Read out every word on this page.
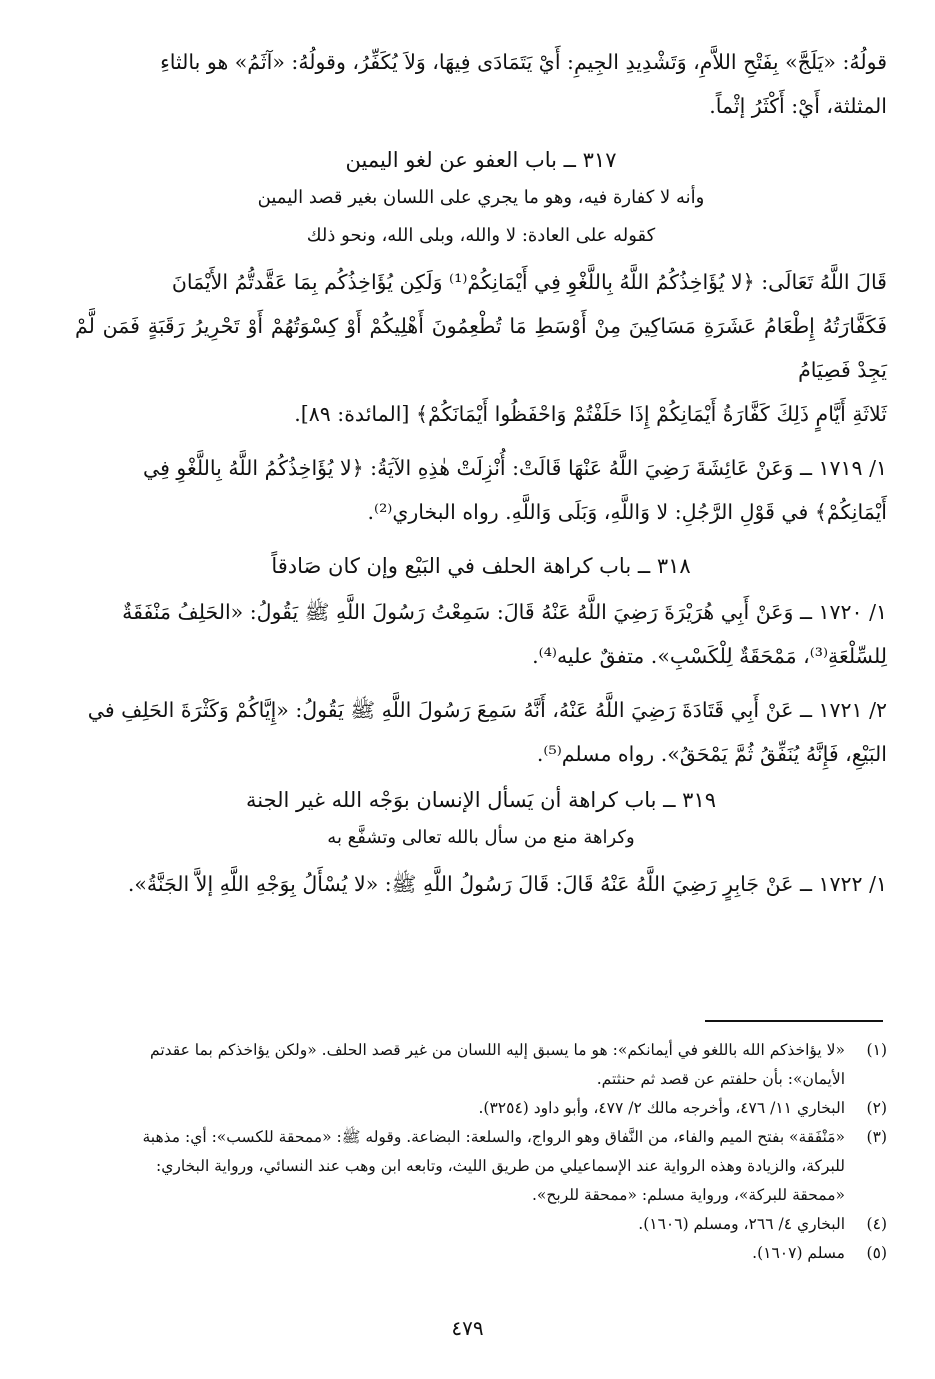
قولُهُ: «يَلَجَّ» بِفَتْحِ اللاَّمِ، وَتَشْدِيدِ الجِيمِ: أَيْ يَتَمَادَى فِيهَا، وَلاَ يُكَفِّرُ، وقولُهُ: «آثَمُ» هو بالثاءِ
المثلثة، أَيْ: أَكْثَرُ إثْماً.

٣١٧ ــ باب العفو عن لغو اليمين

وأنه لا كفارة فيه، وهو ما يجري على اللسان بغير قصد اليمين

كقوله على العادة: لا والله، وبلى الله، ونحو ذلك

قَالَ اللَّهُ تَعَالَى: ﴿لا يُؤَاخِذُكُمُ اللَّهُ بِاللَّغْوِ فِي أَيْمَانِكُمْ⁽¹⁾ وَلَكِن يُؤَاخِذُكُم بِمَا عَقَّدتُّمُ الأَيْمَانَ
فَكَفَّارَتُهُ إِطْعَامُ عَشَرَةِ مَسَاكِينَ مِنْ أَوْسَطِ مَا تُطْعِمُونَ أَهْلِيكُمْ أَوْ كِسْوَتُهُمْ أَوْ تَحْرِيرُ رَقَبَةٍ فَمَن لَّمْ يَجِدْ فَصِيَامُ
ثَلاثَةِ أَيَّامٍ ذَلِكَ كَفَّارَةُ أَيْمَانِكُمْ إِذَا حَلَفْتُمْ وَاحْفَظُوا أَيْمَانَكُمْ﴾ [المائدة: ٨٩].

١/ ١٧١٩ ــ وَعَنْ عَائِشَةَ رَضِيَ اللَّهُ عَنْهَا قَالَتْ: أُنْزِلَتْ هٰذِهِ الآيَةُ: ﴿لا يُؤَاخِذُكُمُ اللَّهُ بِاللَّغْوِ فِي
أَيْمَانِكُمْ﴾ في قَوْلِ الرَّجُلِ: لا وَاللَّهِ، وَبَلَى وَاللَّهِ. رواه البخاري⁽²⁾.

٣١٨ ــ باب كراهة الحلف في البَيْع وإن كان صَادقاً

١/ ١٧٢٠ ــ وَعَنْ أَبِي هُرَيْرَةَ رَضِيَ اللَّهُ عَنْهُ قَالَ: سَمِعْتُ رَسُولَ اللَّهِ ﷺ يَقُولُ: «الحَلِفُ مَنْفَقَةٌ
لِلسِّلْعَةِ⁽³⁾، مَمْحَقَةٌ لِلْكَسْبِ». متفقٌ عليه⁽⁴⁾.

٢/ ١٧٢١ ــ عَنْ أَبِي قَتَادَةَ رَضِيَ اللَّهُ عَنْهُ، أَنَّهُ سَمِعَ رَسُولَ اللَّهِ ﷺ يَقُولُ: «إِيَّاكُمْ وَكَثْرَةَ الحَلِفِ في
البَيْعِ، فَإِنَّهُ يُنَفِّقُ ثُمَّ يَمْحَقُ». رواه مسلم⁽⁵⁾.

٣١٩ ــ باب كراهة أن يَسأل الإنسان بوَجْه الله غير الجنة

وكراهة منع من سأل بالله تعالى وتشفَّع به

١/ ١٧٢٢ ــ عَنْ جَابِرٍ رَضِيَ اللَّهُ عَنْهُ قَالَ: قَالَ رَسُولُ اللَّهِ ﷺ: «لا يُسْأَلُ بِوَجْهِ اللَّهِ إلاَّ الجَنَّةُ».

(١)
«لا يؤاخذكم الله باللغو في أيمانكم»: هو ما يسبق إليه اللسان من غير قصد الحلف. «ولكن يؤاخذكم بما عقدتم
الأيمان»: بأن حلفتم عن قصد ثم حنثتم.
(٢)
البخاري ١١/ ٤٧٦، وأخرجه مالك ٢/ ٤٧٧، وأبو داود (٣٢٥٤).
(٣)
«مَنْفَقة» بفتح الميم والفاء، من النَّفاق وهو الرواج، والسلعة: البضاعة. وقوله ﷺ: «ممحقة للكسب»: أي: مذهبة
للبركة، والزيادة وهذه الرواية عند الإسماعيلي من طريق الليث، وتابعه ابن وهب عند النسائي، ورواية البخاري:
«ممحقة للبركة»، ورواية مسلم: «ممحقة للربح».
(٤)
البخاري ٤/ ٢٦٦، ومسلم (١٦٠٦).
(٥)
مسلم (١٦٠٧).
٤٧٩
